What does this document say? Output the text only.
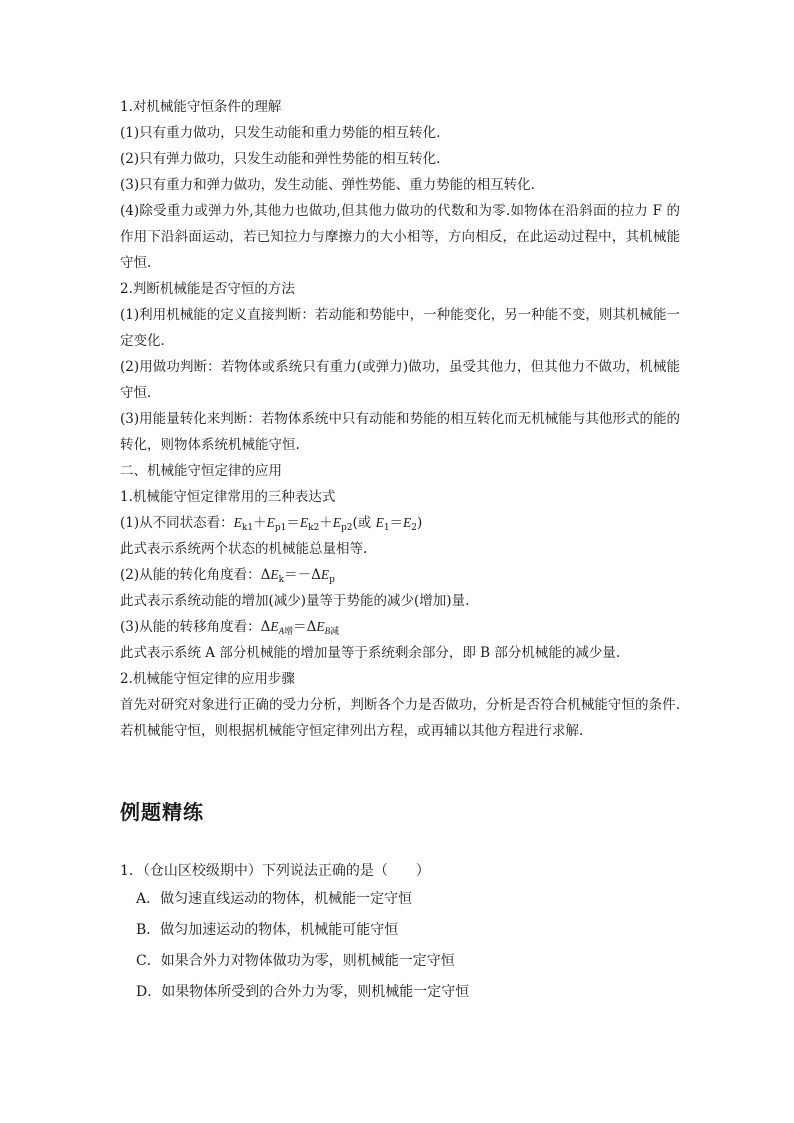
1.对机械能守恒条件的理解
(1)只有重力做功，只发生动能和重力势能的相互转化.
(2)只有弹力做功，只发生动能和弹性势能的相互转化.
(3)只有重力和弹力做功，发生动能、弹性势能、重力势能的相互转化.
(4)除受重力或弹力外,其他力也做功,但其他力做功的代数和为零.如物体在沿斜面的拉力 F 的作用下沿斜面运动，若已知拉力与摩擦力的大小相等，方向相反，在此运动过程中，其机械能守恒.
2.判断机械能是否守恒的方法
(1)利用机械能的定义直接判断：若动能和势能中，一种能变化，另一种能不变，则其机械能一定变化.
(2)用做功判断：若物体或系统只有重力(或弹力)做功，虽受其他力，但其他力不做功，机械能守恒.
(3)用能量转化来判断：若物体系统中只有动能和势能的相互转化而无机械能与其他形式的能的转化，则物体系统机械能守恒.
二、机械能守恒定律的应用
1.机械能守恒定律常用的三种表达式
(1)从不同状态看：$E_{k1}+E_{p1}=E_{k2}+E_{p2}$(或 $E_1=E_2$)
此式表示系统两个状态的机械能总量相等.
(2)从能的转化角度看：$\Delta E_k=-\Delta E_p$
此式表示系统动能的增加(减少)量等于势能的减少(增加)量.
(3)从能的转移角度看：$\Delta E_{A增}=\Delta E_{B减}$
此式表示系统 A 部分机械能的增加量等于系统剩余部分，即 B 部分机械能的减少量.
2.机械能守恒定律的应用步骤
首先对研究对象进行正确的受力分析，判断各个力是否做功，分析是否符合机械能守恒的条件.若机械能守恒，则根据机械能守恒定律列出方程，或再辅以其他方程进行求解.
例题精练
1．（仓山区校级期中）下列说法正确的是（　　）
A．做匀速直线运动的物体，机械能一定守恒
B．做匀加速运动的物体，机械能可能守恒
C．如果合外力对物体做功为零，则机械能一定守恒
D．如果物体所受到的合外力为零，则机械能一定守恒
